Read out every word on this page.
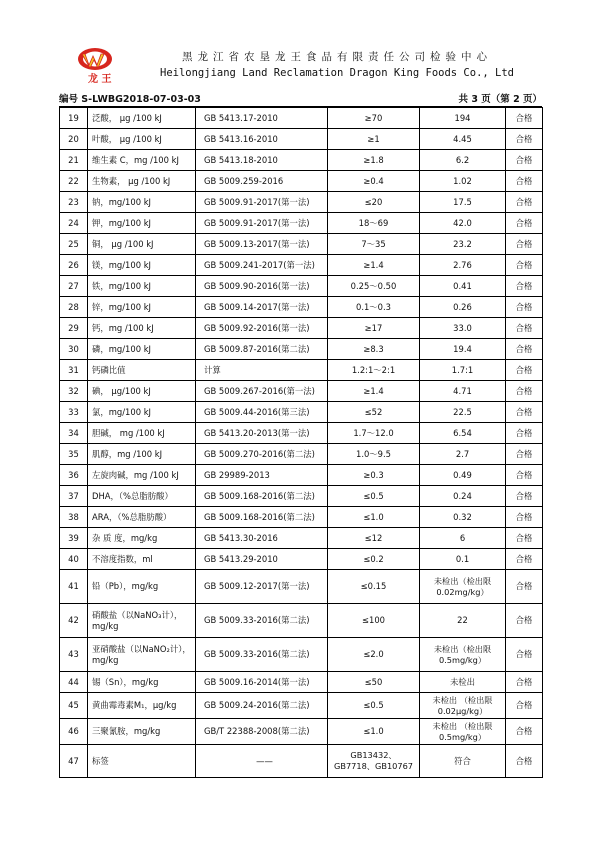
龙 王
黑龙江省农垦龙王食品有限责任公司检验中心
Heilongjiang Land Reclamation Dragon King Foods Co., Ltd
编号 S-LWBG2018-07-03-03	共 3 页（第 2 页）
19	泛酸， μg /100 kJ	GB 5413.17-2010	≥70	194	合格
20	叶酸， μg /100 kJ	GB 5413.16-2010	≥1	4.45	合格
21	维生素 C，mg /100 kJ	GB 5413.18-2010	≥1.8	6.2	合格
22	生物素， μg /100 kJ	GB 5009.259-2016	≥0.4	1.02	合格
23	钠，mg/100 kJ	GB 5009.91-2017(第一法)	≤20	17.5	合格
24	钾，mg/100 kJ	GB 5009.91-2017(第一法)	18～69	42.0	合格
25	铜， μg /100 kJ	GB 5009.13-2017(第一法)	7～35	23.2	合格
26	镁，mg/100 kJ	GB 5009.241-2017(第一法)	≥1.4	2.76	合格
27	铁，mg/100 kJ	GB 5009.90-2016(第一法)	0.25～0.50	0.41	合格
28	锌，mg/100 kJ	GB 5009.14-2017(第一法)	0.1～0.3	0.26	合格
29	钙，mg /100 kJ	GB 5009.92-2016(第一法)	≥17	33.0	合格
30	磷，mg/100 kJ	GB 5009.87-2016(第二法)	≥8.3	19.4	合格
31	钙磷比值	计算	1.2:1～2:1	1.7:1	合格
32	碘， μg/100 kJ	GB 5009.267-2016(第一法)	≥1.4	4.71	合格
33	氯，mg/100 kJ	GB 5009.44-2016(第三法)	≤52	22.5	合格
34	胆碱， mg /100 kJ	GB 5413.20-2013(第一法)	1.7～12.0	6.54	合格
35	肌醇，mg /100 kJ	GB 5009.270-2016(第二法)	1.0～9.5	2.7	合格
36	左旋肉碱，mg /100 kJ	GB 29989-2013	≥0.3	0.49	合格
37	DHA，（%总脂肪酸）	GB 5009.168-2016(第二法)	≤0.5	0.24	合格
38	ARA，（%总脂肪酸）	GB 5009.168-2016(第二法)	≤1.0	0.32	合格
39	杂 质 度，mg/kg	GB 5413.30-2016	≤12	6	合格
40	不溶度指数，ml	GB 5413.29-2010	≤0.2	0.1	合格
41	铅（Pb），mg/kg	GB 5009.12-2017(第一法)	≤0.15	未检出（检出限 0.02mg/kg）	合格
42	硝酸盐（以NaNO₃计），mg/kg	GB 5009.33-2016(第二法)	≤100	22	合格
43	亚硝酸盐（以NaNO₂计），mg/kg	GB 5009.33-2016(第二法)	≤2.0	未检出（检出限 0.5mg/kg）	合格
44	锡（Sn），mg/kg	GB 5009.16-2014(第一法)	≤50	未检出	合格
45	黄曲霉毒素M₁，μg/kg	GB 5009.24-2016(第二法)	≤0.5	未检出 （检出限 0.02μg/kg）	合格
46	三聚氰胺，mg/kg	GB/T 22388-2008(第二法)	≤1.0	未检出 （检出限 0.5mg/kg）	合格
47	标签	——	GB13432、GB7718、GB10767	符合	合格
